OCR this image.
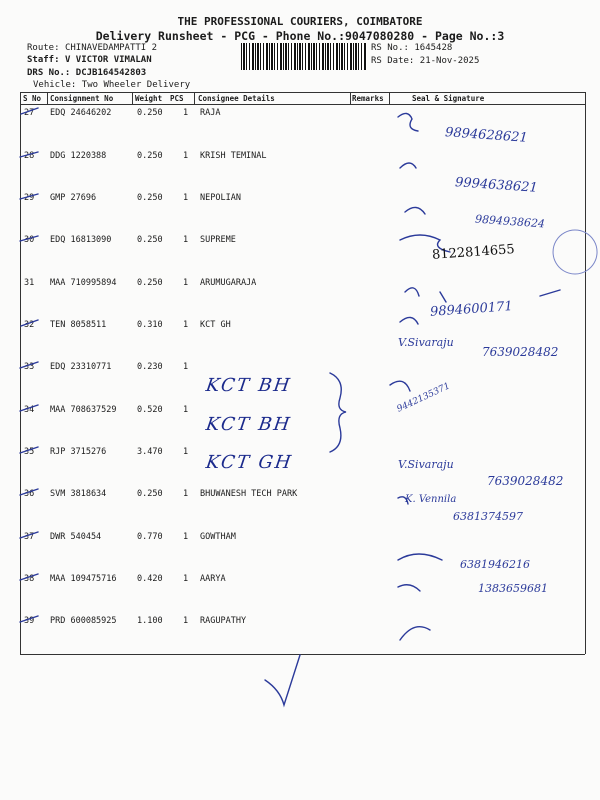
THE PROFESSIONAL COURIERS, COIMBATORE
Delivery Runsheet - PCG - Phone No.:9047080280 - Page No.:3
Route: CHINAVEDAMPATTI 2
Staff: V VICTOR VIMALAN
DRS No.: DCJB164542803
Vehicle: Two Wheeler Delivery
RS No.: 1645428
RS Date: 21-Nov-2025
S No Consignment No	Weight PCS Consignee Details	Remarks	Seal & Signature
27 EDQ 24646202	0.250 1 RAJA
28 DDG 1220388	0.250 1 KRISH TEMINAL
29 GMP 27696	0.250 1 NEPOLIAN
30 EDQ 16813090	0.250 1 SUPREME
31 MAA 710995894 0.250 1 ARUMUGARAJA
32 TEN 8058511	0.310 1 KCT GH
33 EDQ 23310771	0.230 1
34 MAA 708637529 0.520 1
35 RJP 3715276	3.470 1
36 SVM 3818634	0.250 1 BHUWANESH TECH PARK
37 DWR 540454	0.770 1 GOWTHAM
38 MAA 109475716 0.420 1 AARYA
39 PRD 600085925 1.100 1 RAGUPATHY
KCT BH
KCT BH
KCT GH
9894628621
9994638621
9894938624
8122814655
9894600171
V.Sivaraju
7639028482
9442135371
V.Sivaraju
7639028482
K. Vennila
6381374597
6381946216
1383659681
